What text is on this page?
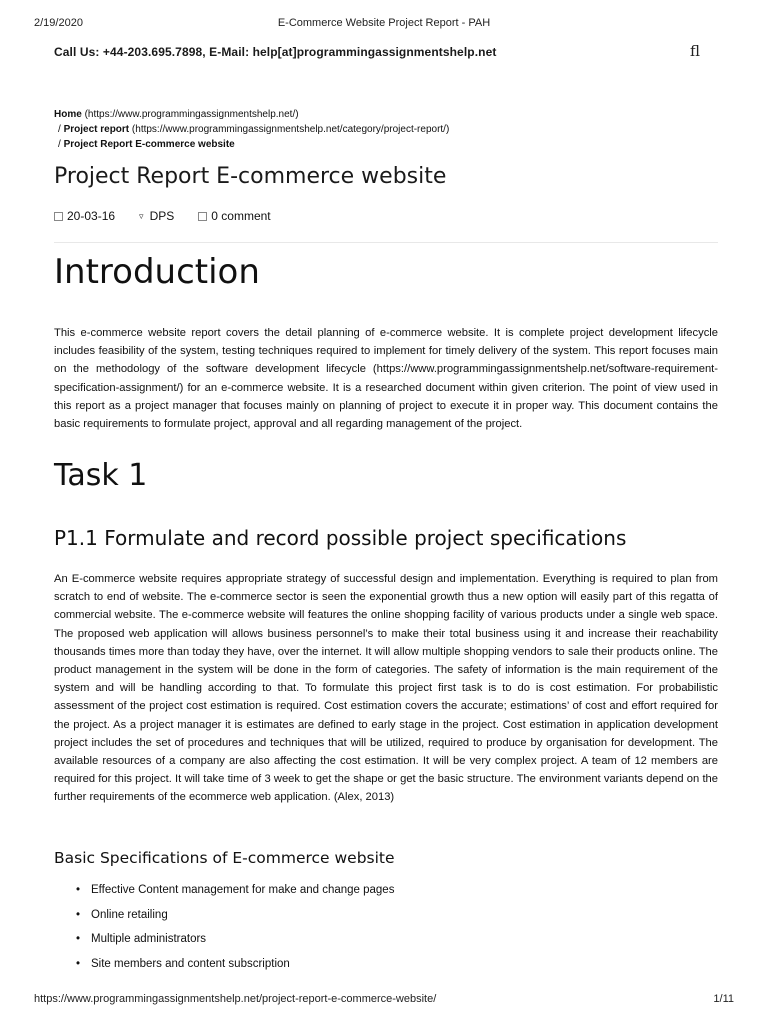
2/19/2020	E-Commerce Website Project Report - PAH
Call Us: +44-203.695.7898, E-Mail: help[at]programmingassignmentshelp.net	fl
Home (https://www.programmingassignmentshelp.net/)
/ Project report (https://www.programmingassignmentshelp.net/category/project-report/)
/ Project Report E-commerce website
Project Report E-commerce website
20-03-16	▿ DPS	0 comment
Introduction

This e-commerce website report covers the detail planning of e-commerce website. It is complete project development lifecycle includes feasibility of the system, testing techniques required to implement for timely delivery of the system. This report focuses main on the methodology of the software development lifecycle (https://www.programmingassignmentshelp.net/software-requirement-specification-assignment/) for an e-commerce website. It is a researched document within given criterion. The point of view used in this report as a project manager that focuses mainly on planning of project to execute it in proper way. This document contains the basic requirements to formulate project, approval and all regarding management of the project.

Task 1
P1.1 Formulate and record possible project specifications

An E-commerce website requires appropriate strategy of successful design and implementation. Everything is required to plan from scratch to end of website. The e-commerce sector is seen the exponential growth thus a new option will easily part of this regatta of commercial website. The e-commerce website will features the online shopping facility of various products under a single web space. The proposed web application will allows business personnel’s to make their total business using it and increase their reachability thousands times more than today they have, over the internet. It will allow multiple shopping vendors to sale their products online. The product management in the system will be done in the form of categories. The safety of information is the main requirement of the system and will be handling according to that. To formulate this project first task is to do is cost estimation. For probabilistic assessment of the project cost estimation is required. Cost estimation covers the accurate; estimations’ of cost and effort required for the project. As a project manager it is estimates are defined to early stage in the project. Cost estimation in application development project includes the set of procedures and techniques that will be utilized, required to produce by organisation for development. The available resources of a company are also affecting the cost estimation. It will be very complex project. A team of 12 members are required for this project. It will take time of 3 week to get the shape or get the basic structure. The environment variants depend on the further requirements of the ecommerce web application. (Alex, 2013)

Basic Specifications of E-commerce website
• Effective Content management for make and change pages
• Online retailing
• Multiple administrators
• Site members and content subscription
https://www.programmingassignmentshelp.net/project-report-e-commerce-website/	1/11
